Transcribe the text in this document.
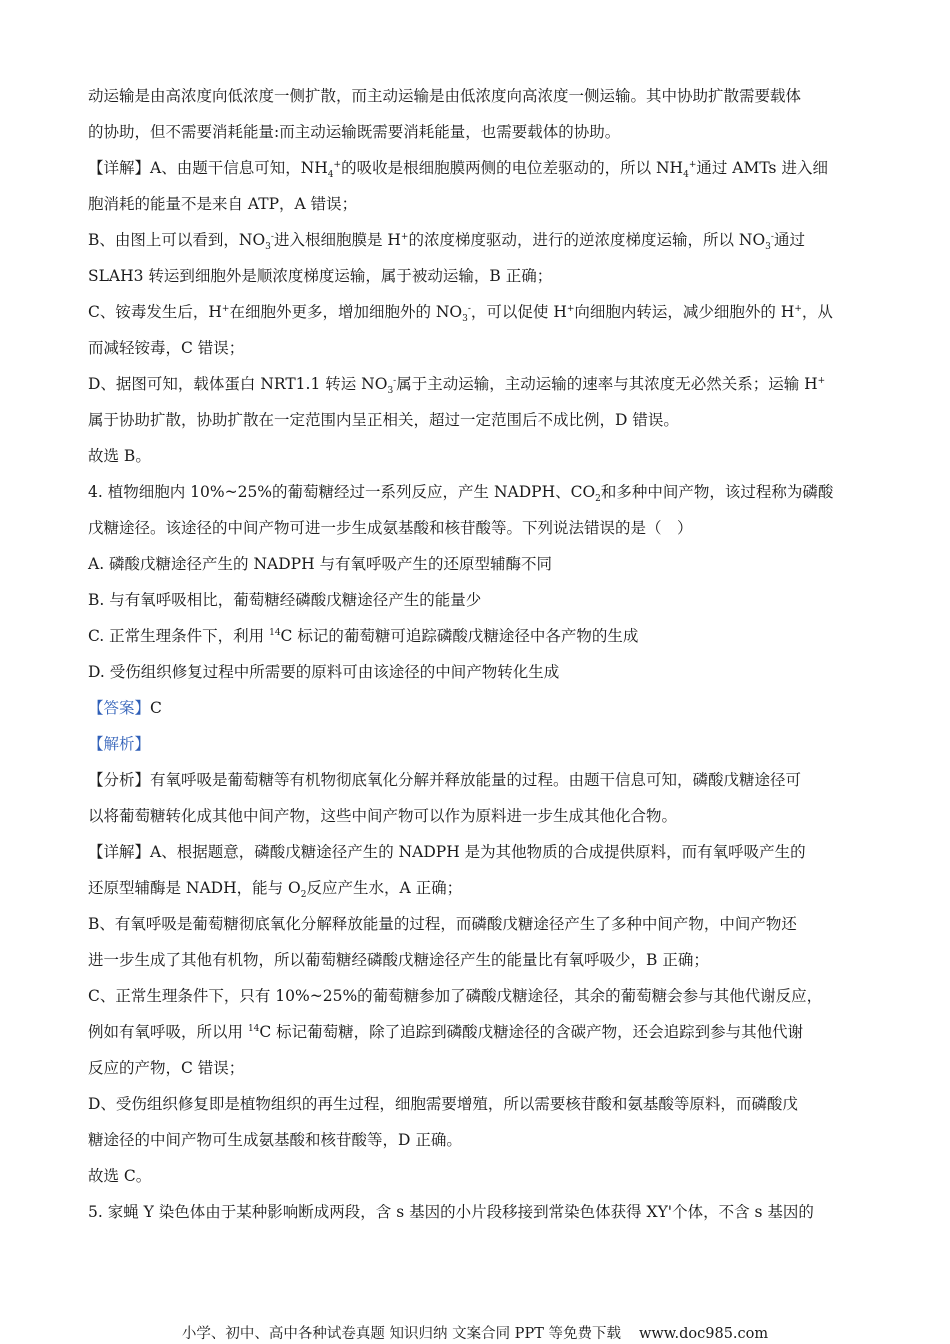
动运输是由高浓度向低浓度一侧扩散，而主动运输是由低浓度向高浓度一侧运输。其中协助扩散需要载体
的协助，但不需要消耗能量:而主动运输既需要消耗能量，也需要载体的协助。
【详解】A、由题干信息可知，$NH_4^+$的吸收是根细胞膜两侧的电位差驱动的，所以 $NH_4^+$通过 AMTs 进入细
胞消耗的能量不是来自 ATP，A 错误；
B、由图上可以看到，$NO_3^-$进入根细胞膜是 H+的浓度梯度驱动，进行的逆浓度梯度运输，所以 $NO_3^-$通过
SLAH3 转运到细胞外是顺浓度梯度运输，属于被动运输，B 正确；
C、铵毒发生后，H+在细胞外更多，增加细胞外的 $NO_3^-$，可以促使 H+向细胞内转运，减少细胞外的 H+，从
而减轻铵毒，C 错误；
D、据图可知，载体蛋白 NRT1.1 转运 $NO_3^-$属于主动运输，主动运输的速率与其浓度无必然关系；运输 H+
属于协助扩散，协助扩散在一定范围内呈正相关，超过一定范围后不成比例，D 错误。
故选 B。
4. 植物细胞内 10%~25%的葡萄糖经过一系列反应，产生 NADPH、$CO_2$和多种中间产物，该过程称为磷酸
戊糖途径。该途径的中间产物可进一步生成氨基酸和核苷酸等。下列说法错误的是（　）
A. 磷酸戊糖途径产生的 NADPH 与有氧呼吸产生的还原型辅酶不同
B. 与有氧呼吸相比，葡萄糖经磷酸戊糖途径产生的能量少
C. 正常生理条件下，利用 $^{14}$C 标记的葡萄糖可追踪磷酸戊糖途径中各产物的生成
D. 受伤组织修复过程中所需要的原料可由该途径的中间产物转化生成
【答案】C
【解析】
【分析】有氧呼吸是葡萄糖等有机物彻底氧化分解并释放能量的过程。由题干信息可知，磷酸戊糖途径可
以将葡萄糖转化成其他中间产物，这些中间产物可以作为原料进一步生成其他化合物。
【详解】A、根据题意，磷酸戊糖途径产生的 NADPH 是为其他物质的合成提供原料，而有氧呼吸产生的
还原型辅酶是 NADH，能与 $O_2$反应产生水，A 正确；
B、有氧呼吸是葡萄糖彻底氧化分解释放能量的过程，而磷酸戊糖途径产生了多种中间产物，中间产物还
进一步生成了其他有机物，所以葡萄糖经磷酸戊糖途径产生的能量比有氧呼吸少，B 正确；
C、正常生理条件下，只有 10%~25%的葡萄糖参加了磷酸戊糖途径，其余的葡萄糖会参与其他代谢反应，
例如有氧呼吸，所以用 $^{14}$C 标记葡萄糖，除了追踪到磷酸戊糖途径的含碳产物，还会追踪到参与其他代谢
反应的产物，C 错误；
D、受伤组织修复即是植物组织的再生过程，细胞需要增殖，所以需要核苷酸和氨基酸等原料，而磷酸戊
糖途径的中间产物可生成氨基酸和核苷酸等，D 正确。
故选 C。
5. 家蝇 Y 染色体由于某种影响断成两段，含 s 基因的小片段移接到常染色体获得 XY'个体，不含 s 基因的
小学、初中、高中各种试卷真题 知识归纳 文案合同 PPT 等免费下载 www.doc985.com
